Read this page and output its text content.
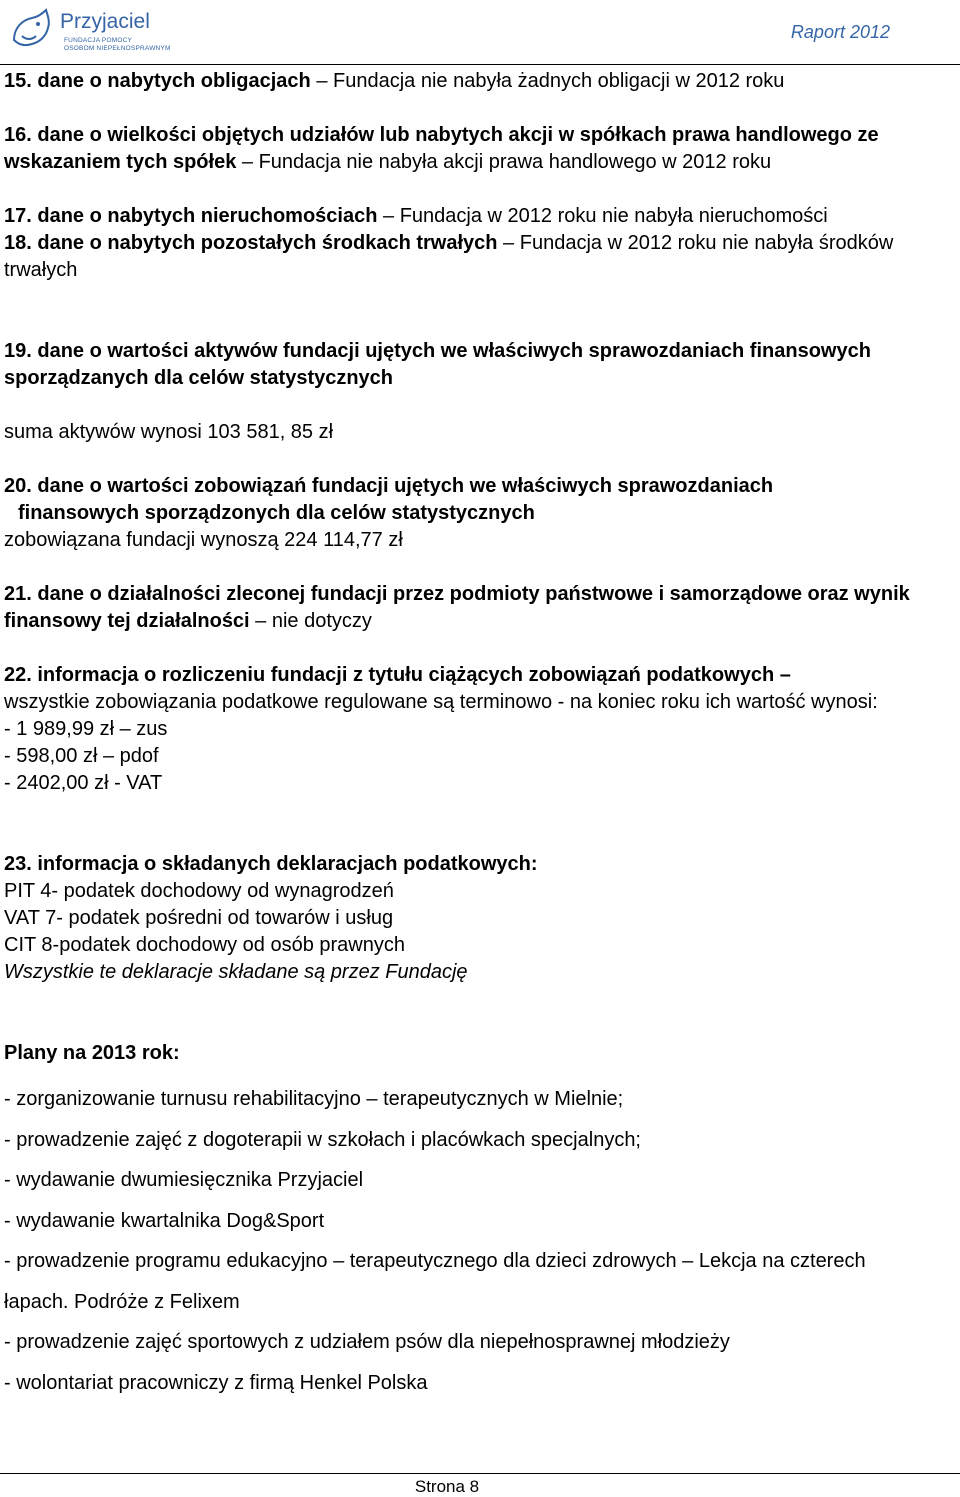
Przyjaciel
FUNDACJA POMOCY
OSOBOM NIEPEŁNOSPRAWNYM
Raport 2012

15. dane o nabytych obligacjach – Fundacja nie nabyła żadnych obligacji w 2012 roku

16. dane o wielkości objętych udziałów lub nabytych akcji w spółkach prawa handlowego ze wskazaniem tych spółek – Fundacja nie nabyła akcji prawa handlowego w 2012 roku

17. dane o nabytych nieruchomościach – Fundacja w 2012 roku nie nabyła nieruchomości

18. dane o nabytych pozostałych środkach trwałych – Fundacja w 2012 roku nie nabyła środków trwałych

19. dane o wartości aktywów fundacji ujętych we właściwych sprawozdaniach finansowych sporządzanych dla celów statystycznych

suma aktywów wynosi 103 581, 85 zł

20. dane o wartości zobowiązań fundacji ujętych we właściwych sprawozdaniach

finansowych sporządzonych dla celów statystycznych

zobowiązana fundacji wynoszą 224 114,77 zł

21. dane o działalności zleconej fundacji przez podmioty państwowe i samorządowe oraz wynik finansowy tej działalności – nie dotyczy

22. informacja o rozliczeniu fundacji z tytułu ciążących zobowiązań podatkowych –

wszystkie zobowiązania podatkowe regulowane są terminowo - na koniec roku ich wartość wynosi:

- 1 989,99 zł – zus

- 598,00 zł – pdof

- 2402,00 zł - VAT

23. informacja o składanych deklaracjach podatkowych:

PIT 4- podatek dochodowy od wynagrodzeń

VAT 7- podatek pośredni od towarów i usług

CIT 8-podatek dochodowy od osób prawnych

Wszystkie te deklaracje składane są przez Fundację

Plany na 2013 rok:

- zorganizowanie turnusu rehabilitacyjno – terapeutycznych w Mielnie;

- prowadzenie zajęć z dogoterapii w szkołach i placówkach specjalnych;

- wydawanie dwumiesięcznika Przyjaciel

- wydawanie kwartalnika Dog&Sport

- prowadzenie programu edukacyjno – terapeutycznego dla dzieci zdrowych – Lekcja na czterech łapach. Podróże z Felixem

- prowadzenie zajęć sportowych z udziałem psów dla niepełnosprawnej młodzieży

- wolontariat pracowniczy z firmą Henkel Polska

Strona 8
